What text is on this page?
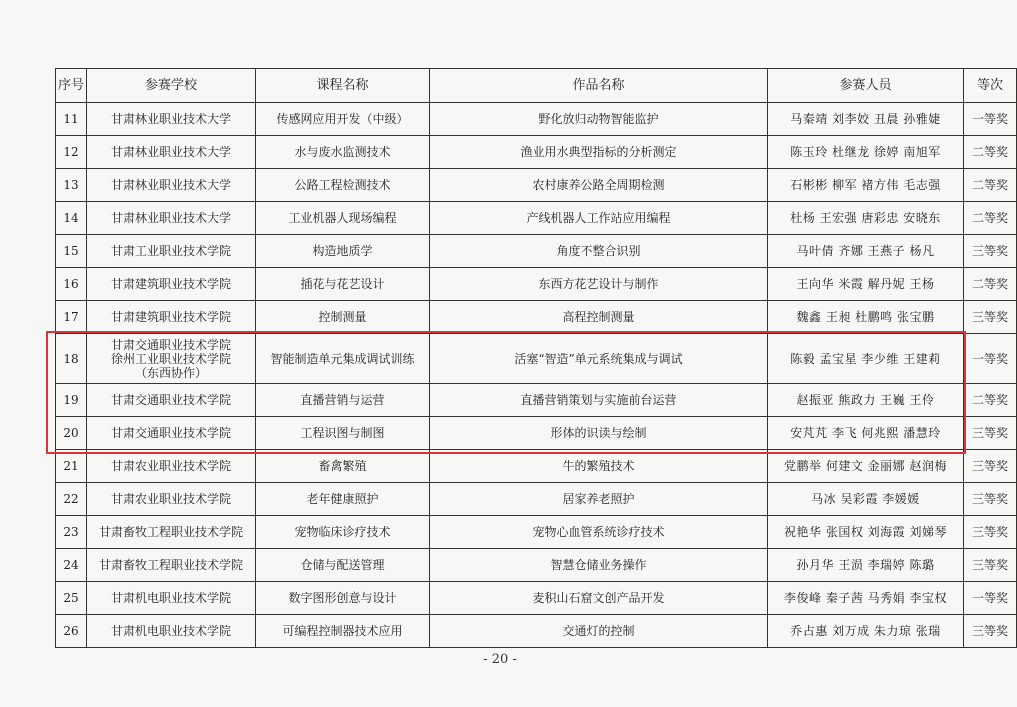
序号	参赛学校	课程名称	作品名称	参赛人员	等次
11	甘肃林业职业技术大学	传感网应用开发（中级）	野化放归动物智能监护	马秦靖 刘李姣 丑晨 孙雅婕	一等奖
12	甘肃林业职业技术大学	水与废水监测技术	渔业用水典型指标的分析测定	陈玉玲 杜继龙 徐婷 南旭军	二等奖
13	甘肃林业职业技术大学	公路工程检测技术	农村康养公路全周期检测	石彬彬 柳军 褚方伟 毛志强	二等奖
14	甘肃林业职业技术大学	工业机器人现场编程	产线机器人工作站应用编程	杜杨 王宏强 唐彩忠 安晓东	二等奖
15	甘肃工业职业技术学院	构造地质学	角度不整合识别	马叶倩 齐娜 王燕子 杨凡	三等奖
16	甘肃建筑职业技术学院	插花与花艺设计	东西方花艺设计与制作	王向华 米霞 解丹妮 王杨	二等奖
17	甘肃建筑职业技术学院	控制测量	高程控制测量	魏鑫 王昶 杜鹏鸣 张宝鹏	三等奖
18	甘肃交通职业技术学院
徐州工业职业技术学院
（东西协作）	智能制造单元集成调试训练	活塞“智造”单元系统集成与调试	陈毅 孟宝星 李少维 王建莉	一等奖
19	甘肃交通职业技术学院	直播营销与运营	直播营销策划与实施前台运营	赵振亚 熊政力 王巍 王伶	二等奖
20	甘肃交通职业技术学院	工程识图与制图	形体的识读与绘制	安芃芃 李飞 何兆熙 潘慧玲	三等奖
21	甘肃农业职业技术学院	畜禽繁殖	牛的繁殖技术	党鹏举 何建文 金丽娜 赵润梅	三等奖
22	甘肃农业职业技术学院	老年健康照护	居家养老照护	马冰 吴彩霞 李媛媛	三等奖
23	甘肃畜牧工程职业技术学院	宠物临床诊疗技术	宠物心血管系统诊疗技术	祝艳华 张国权 刘海霞 刘娣琴	三等奖
24	甘肃畜牧工程职业技术学院	仓储与配送管理	智慧仓储业务操作	孙月华 王涢 李瑞婷 陈璐	三等奖
25	甘肃机电职业技术学院	数字图形创意与设计	麦积山石窟文创产品开发	李俊峰 秦子茜 马秀娟 李宝权	一等奖
26	甘肃机电职业技术学院	可编程控制器技术应用	交通灯的控制	乔占惠 刘万成 朱力琼 张瑞	三等奖
- 20 -
